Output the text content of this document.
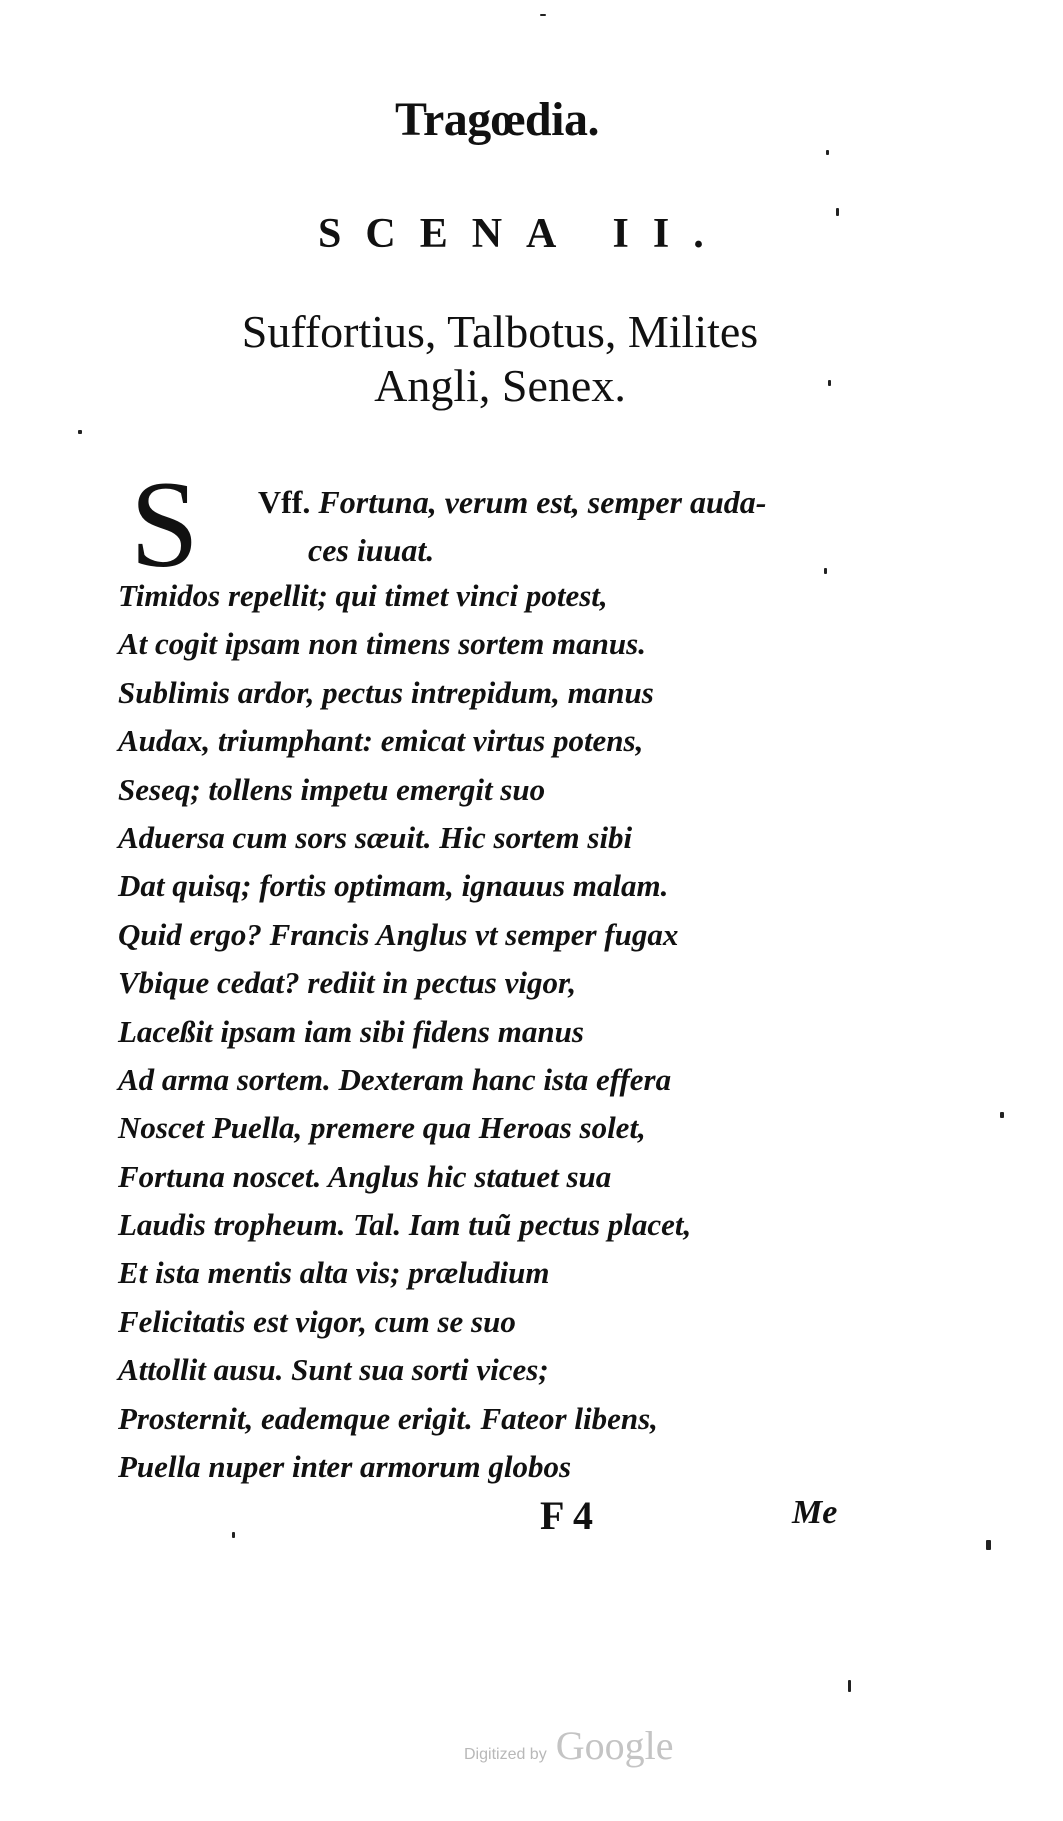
Tragœdia.
SCENA II.
Suffortius, Talbotus, Milites
Angli, Senex.
S Vff. Fortuna, verum est, semper auda-
ces iuuat.
Timidos repellit; qui timet vinci potest,
At cogit ipsam non timens sortem manus.
Sublimis ardor, pectus intrepidum, manus
Audax, triumphant: emicat virtus potens,
Seseq; tollens impetu emergit suo
Aduersa cum sors sæuit. Hic sortem sibi
Dat quisq; fortis optimam, ignauus malam.
Quid ergo? Francis Anglus vt semper fugax
Vbique cedat? rediit in pectus vigor,
Laceßit ipsam iam sibi fidens manus
Ad arma sortem. Dexteram hanc ista effera
Noscet Puella, premere qua Heroas solet,
Fortuna noscet. Anglus hic statuet sua
Laudis tropheum. Tal. Iam tuũ pectus placet,
Et ista mentis alta vis; præludium
Felicitatis est vigor, cum se suo
Attollit ausu. Sunt sua sorti vices;
Prosternit, eademque erigit. Fateor libens,
Puella nuper inter armorum globos
F 4	Me
Digitized by Google
